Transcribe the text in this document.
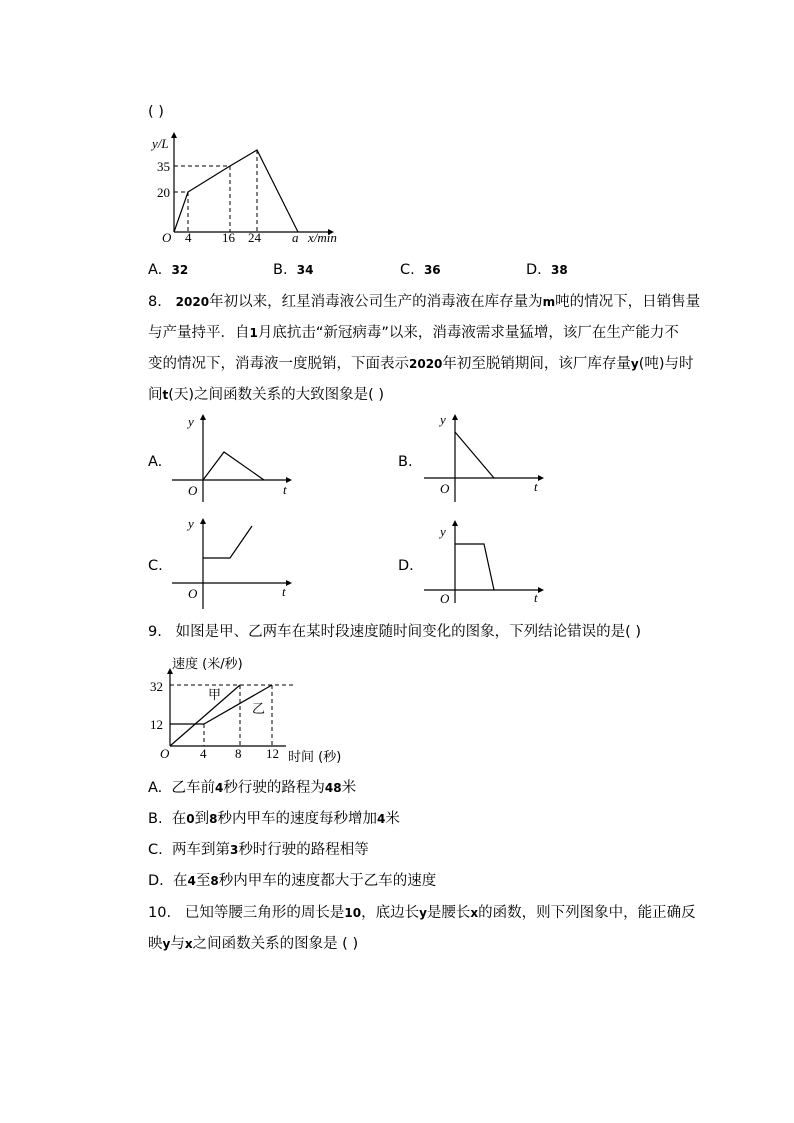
( )
y/L
35
20
O 4 16 24 a x/min
A. 32	B. 34	C. 36	D. 38
8. 2020年初以来，红星消毒液公司生产的消毒液在库存量为m吨的情况下，日销售量
与产量持平．自1月底抗击“新冠病毒”以来，消毒液需求量猛增，该厂在生产能力不
变的情况下，消毒液一度脱销，下面表示2020年初至脱销期间，该厂库存量y(吨)与时
间t(天)之间函数关系的大致图象是( )
A.
y
O	t
B.
y
O	t
C.
y
O	t
D.
y
O	t
9. 如图是甲、乙两车在某时段速度随时间变化的图象，下列结论错误的是( )
速度 (米/秒)
时间 (秒)
32
12
O 4 8 12
甲
乙
A. 乙车前4秒行驶的路程为48米
B. 在0到8秒内甲车的速度每秒增加4米
C. 两车到第3秒时行驶的路程相等
D. 在4至8秒内甲车的速度都大于乙车的速度
10. 已知等腰三角形的周长是10，底边长y是腰长x的函数，则下列图象中，能正确反
映y与x之间函数关系的图象是 ( )
